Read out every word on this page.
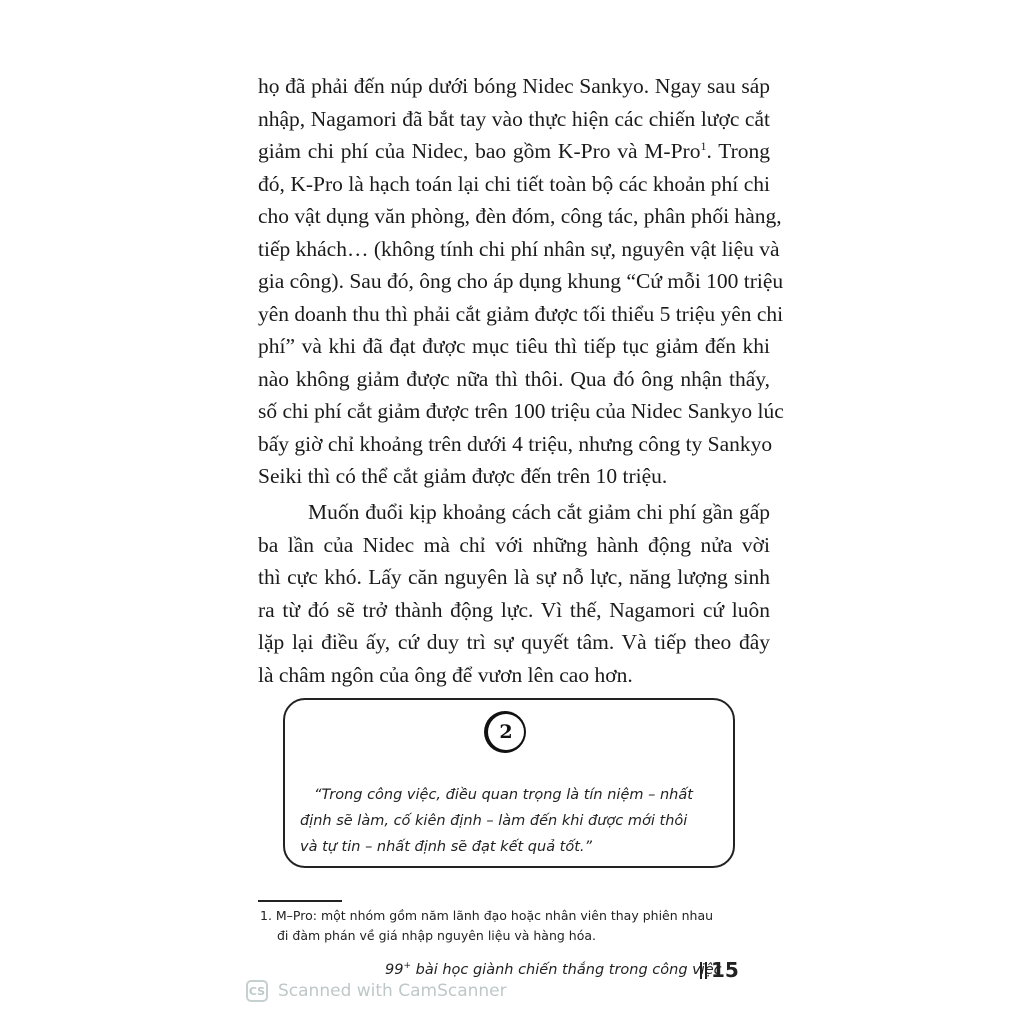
họ đã phải đến núp dưới bóng Nidec Sankyo. Ngay sau sáp
nhập, Nagamori đã bắt tay vào thực hiện các chiến lược cắt
giảm chi phí của Nidec, bao gồm K-Pro và M-Pro$^1$. Trong
đó, K-Pro là hạch toán lại chi tiết toàn bộ các khoản phí chi
cho vật dụng văn phòng, đèn đóm, công tác, phân phối hàng,
tiếp khách… (không tính chi phí nhân sự, nguyên vật liệu và
gia công). Sau đó, ông cho áp dụng khung “Cứ mỗi 100 triệu
yên doanh thu thì phải cắt giảm được tối thiểu 5 triệu yên chi
phí” và khi đã đạt được mục tiêu thì tiếp tục giảm đến khi
nào không giảm được nữa thì thôi. Qua đó ông nhận thấy,
số chi phí cắt giảm được trên 100 triệu của Nidec Sankyo lúc
bấy giờ chỉ khoảng trên dưới 4 triệu, nhưng công ty Sankyo
Seiki thì có thể cắt giảm được đến trên 10 triệu.
Muốn đuổi kịp khoảng cách cắt giảm chi phí gần gấp
ba lần của Nidec mà chỉ với những hành động nửa vời
thì cực khó. Lấy căn nguyên là sự nỗ lực, năng lượng sinh
ra từ đó sẽ trở thành động lực. Vì thế, Nagamori cứ luôn
lặp lại điều ấy, cứ duy trì sự quyết tâm. Và tiếp theo đây
là châm ngôn của ông để vươn lên cao hơn.
2
“Trong công việc, điều quan trọng là tín niệm – nhất
định sẽ làm, cố kiên định – làm đến khi được mới thôi
và tự tin – nhất định sẽ đạt kết quả tốt.”
1. M–Pro: một nhóm gồm năm lãnh đạo hoặc nhân viên thay phiên nhau
đi đàm phán về giá nhập nguyên liệu và hàng hóa.
99+ bài học giành chiến thắng trong công việc
15
CS Scanned with CamScanner
